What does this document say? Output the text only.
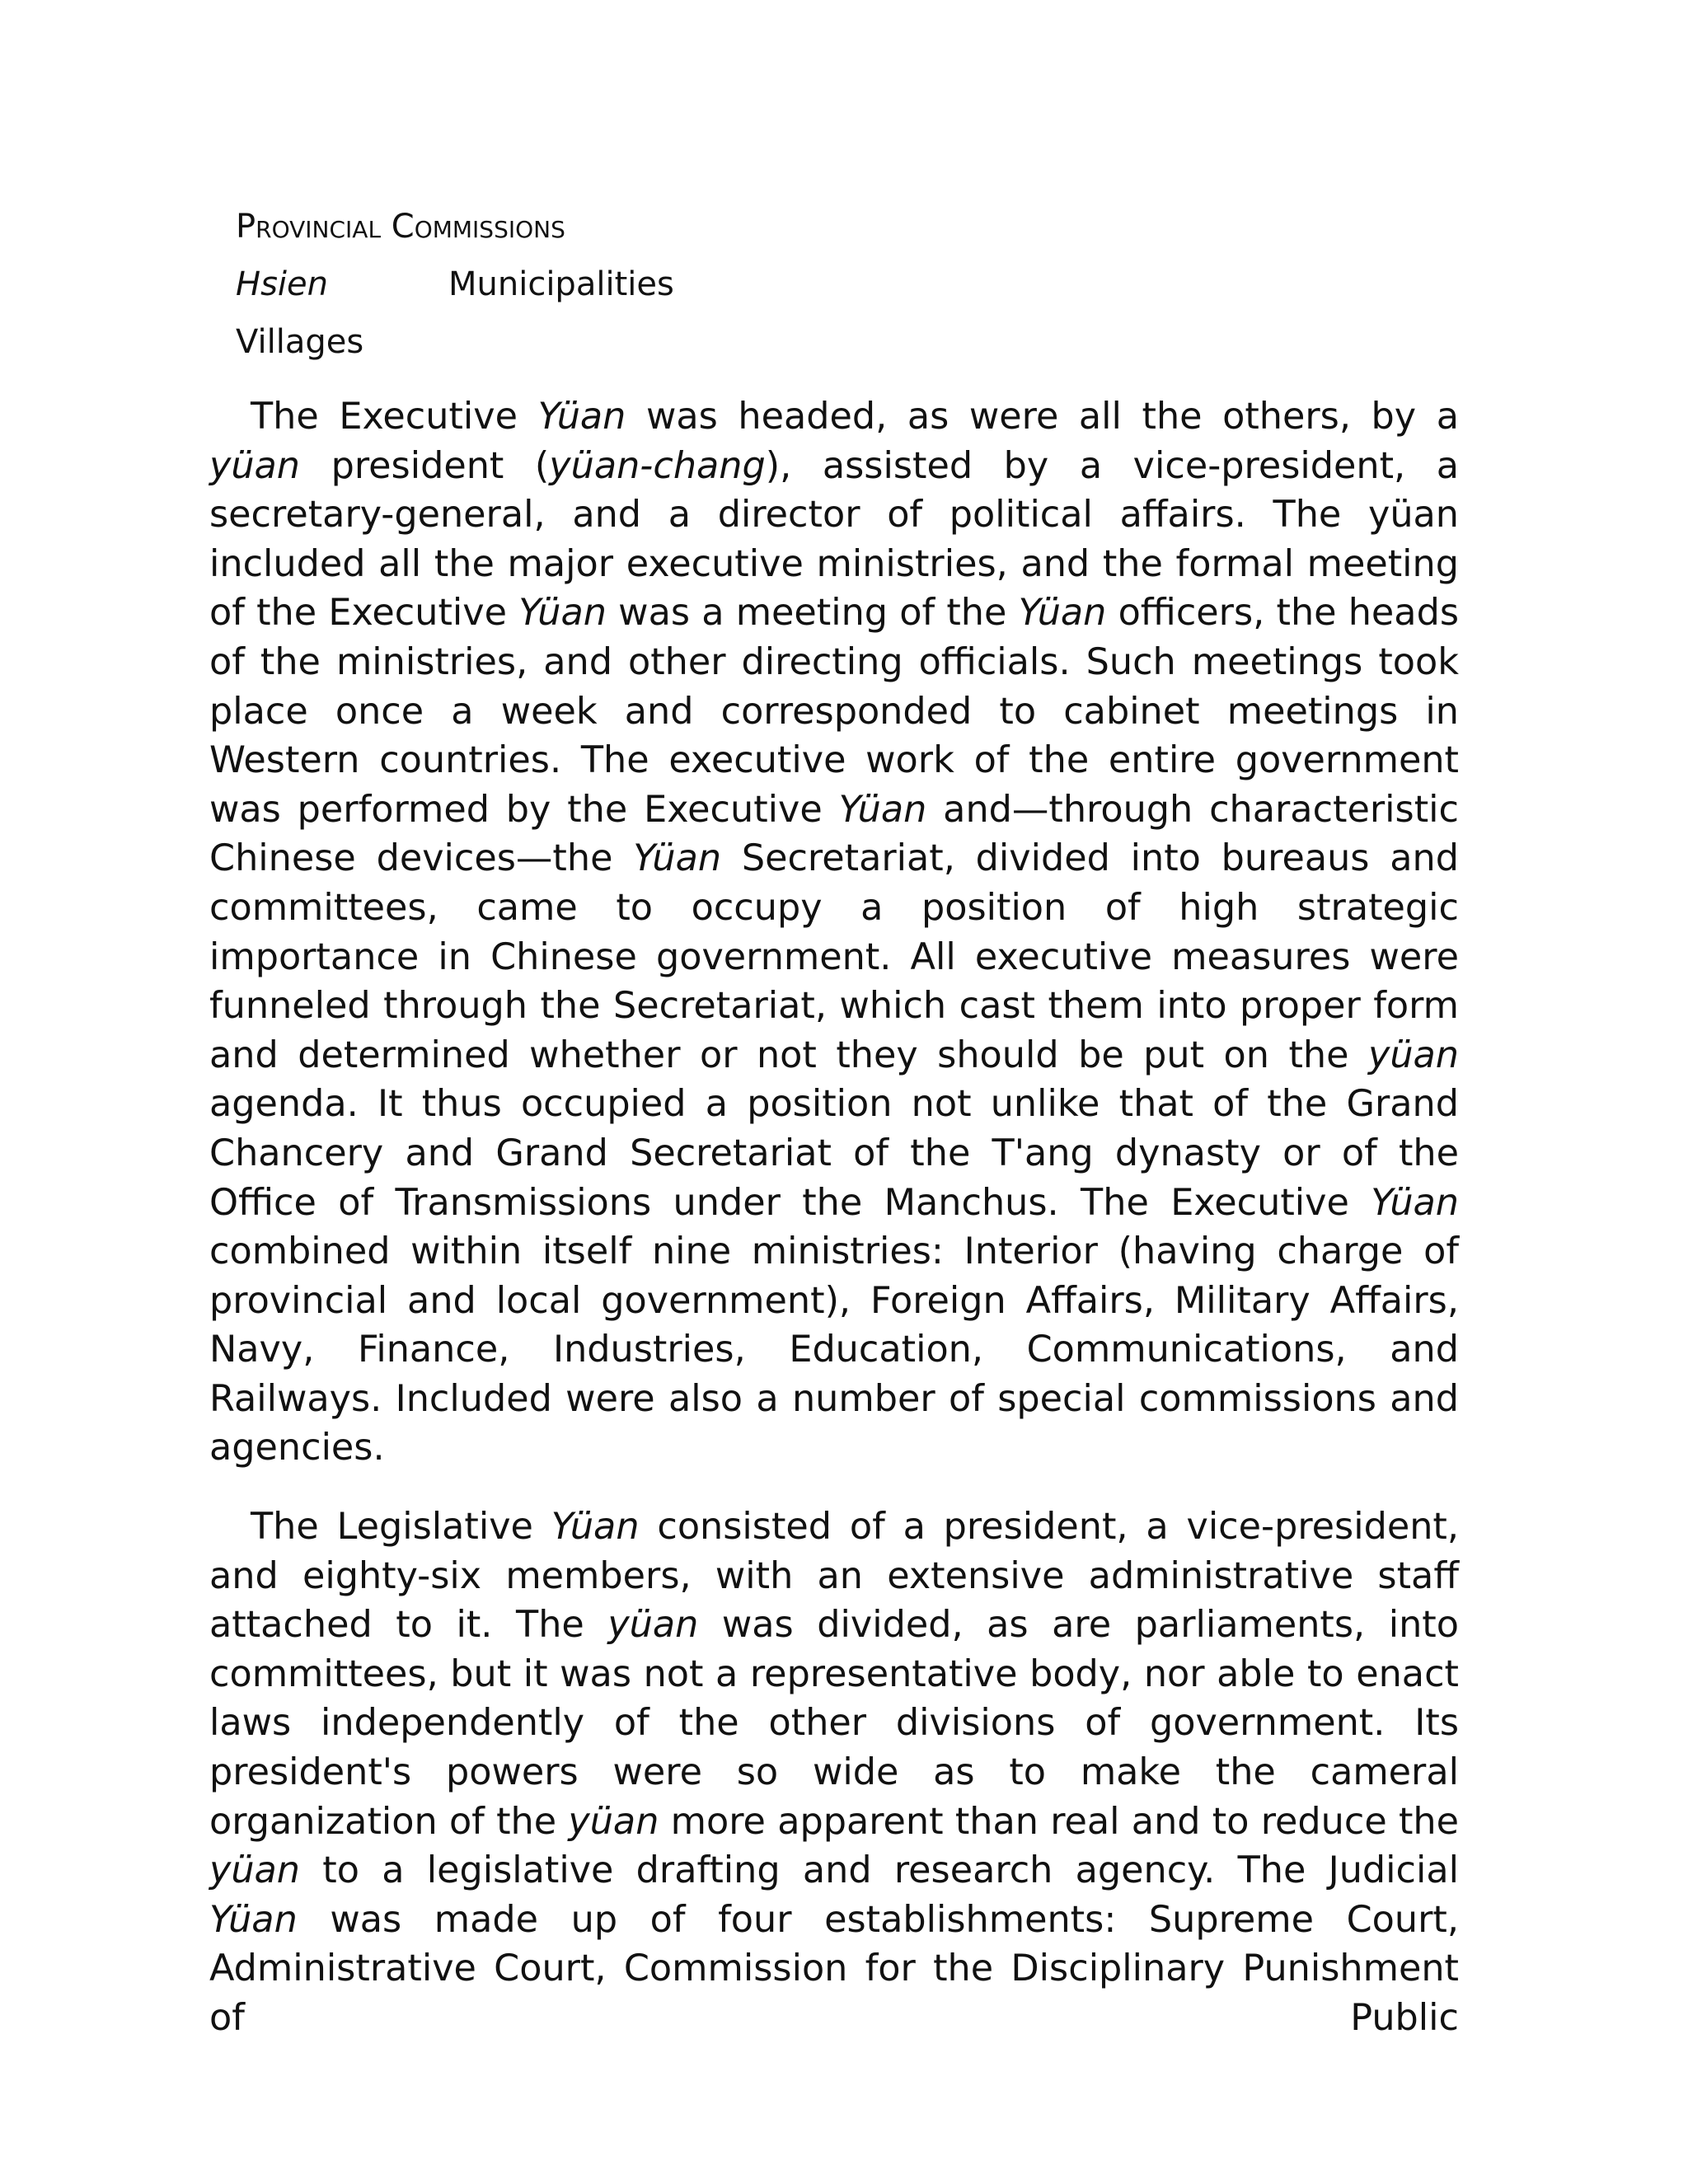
Provincial Commissions
Hsien	Municipalities
Villages

The Executive Yüan was headed, as were all the others, by a yüan president (yüan-chang), assisted by a vice-president, a secretary-general, and a director of political affairs. The yüan included all the major executive ministries, and the formal meeting of the Executive Yüan was a meeting of the Yüan officers, the heads of the ministries, and other directing officials. Such meetings took place once a week and corresponded to cabinet meetings in Western countries. The executive work of the entire government was performed by the Executive Yüan and—through characteristic Chinese devices—the Yüan Secretariat, divided into bureaus and committees, came to occupy a position of high strategic importance in Chinese government. All executive measures were funneled through the Secretariat, which cast them into proper form and determined whether or not they should be put on the yüan agenda. It thus occupied a position not unlike that of the Grand Chancery and Grand Secretariat of the T'ang dynasty or of the Office of Transmissions under the Manchus. The Executive Yüan combined within itself nine ministries: Interior (having charge of provincial and local government), Foreign Affairs, Military Affairs, Navy, Finance, Industries, Education, Communications, and Railways. Included were also a number of special commissions and agencies.

The Legislative Yüan consisted of a president, a vice-president, and eighty-six members, with an extensive administrative staff attached to it. The yüan was divided, as are parliaments, into committees, but it was not a representative body, nor able to enact laws independently of the other divisions of government. Its president's powers were so wide as to make the cameral organization of the yüan more apparent than real and to reduce the yüan to a legislative drafting and research agency. The Judicial Yüan was made up of four establishments: Supreme Court, Administrative Court, Commission for the Disciplinary Punishment of Public
